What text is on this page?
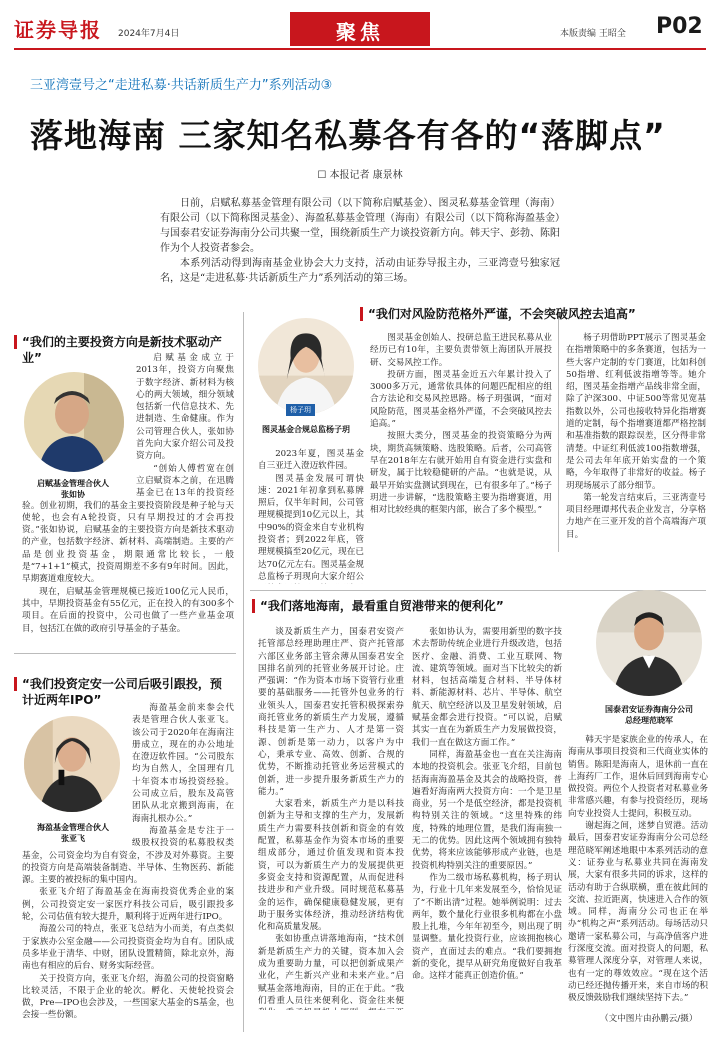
证券导报 2024年7月4日	聚焦	本版责编 王昭全 P02
三亚湾壹号之“走进私募·共话新质生产力”系列活动③
落地海南 三家知名私募各有各的“落脚点”
☐ 本报记者 康景林

日前，启赋私募基金管理有限公司（以下简称启赋基金）、图灵私募基金管理（海南）有限公司（以下简称图灵基金）、海盈私募基金管理（海南）有限公司（以下简称海盈基金）与国泰君安证券海南分公司共聚一堂，围绕新质生产力谈投资新方向。韩天宇、彭勃、陈阳作为个人投资者参会。

本系列活动得到海南基金业协会大力支持，活动由证券导报主办，三亚湾壹号独家冠名，这是“走进私募·共话新质生产力”系列活动的第三场。

“我们的主要投资方向是新技术驱动产业”
启赋基金管理合伙人
张如协

启赋基金成立于2013年，投资方向聚焦于数字经济、新材料为核心的两大领域，细分领域包括新一代信息技术、先进制造、生命健康。作为公司管理合伙人，张如协首先向大家介绍公司及投资方向。

“创始人傅哲宽在创立启赋资本之前，在迅腾基金已在13年的投资经验。创业初期，我们的基金主要投资阶段是种子轮与天使轮，也会有A轮投资，只有早期投过的才会再投资。”张如协说，启赋基金的主要投资方向是新技术驱动的产业，包括数字经济、新材料、高端制造。主要的产品是创业投资基金，期限通常比较长，一般是“7+1+1”模式，投资周期差不多有9年时间。因此，早期赛道难度较大。

现在，启赋基金管理规模已接近100亿元人民币，其中，早期投资基金有55亿元，正在投入的有300多个项目。在后面的投资中，公司也做了一些产业基金项目，包括江在做的政府引导基金的子基金。

“我们投资定安一公司后吸引跟投，预计近两年IPO”
海盈基金管理合伙人
张亚飞

海盈基金前来参会代表是管理合伙人张亚飞。该公司于2020年在海南注册成立，现在的办公地址在澄迈软件园。“公司股东均为自然人，全国理有几十年资本市场投资经验。公司成立后，股东及高管团队从北京搬到海南，在海南扎根办公。”

海盈基金是专注于一级股权投资的私募股权类基金，公司资金均为自有资金，不涉及对外募资。主要的投资方向是高端装备制造、半导体、生物医药、新能源。主要的被投标的集中国内。

张亚飞介绍了海盈基金在海南投资优秀企业的案例，公司投资定安一家医疗科技公司后，吸引跟投多轮，公司估值有较大提升，顺利将于近两年进行IPO。

海盈公司的特点，张亚飞总结为小而美，有点类似于家族办公室金融——公司投资资金均为自有。团队成员多毕业于清华、中财，团队设置精简，除北京外，海南也有相应的后台、财务实际经营。

关于投资方向，张亚飞介绍，海盈公司的投资窗略比较灵活，不限于企业的轮次。孵化、天使轮投资会做，Pre—IPO也会涉及，一些国家大基金的S基金，也会接一些份额。

“我们对风险防范格外严谨，不会突破风控去追高”
杨子玥
图灵基金合规总监杨子玥

2023年夏，图灵基金自三亚迁入澄迈软件园。

图灵基金发展可谓快速：2021年初拿到私募牌照后，仅半年时间，公司管理规模提到10亿元以上，其中90%的资金来自专业机构投资者；到2022年底，管理规模搞至20亿元，现在已达70亿元左右。图灵基金规总监杨子玥现向大家介绍公

图灵基金创始人、投研总监王进民私募从业经历已有10年，主要负责带领上海团队开展投研、交易风控工作。

投研方面，图灵基金近五六年累计投入了3000多万元，通常依具体的问题匹配相应的组合方法论和交易风控思路。杨子玥强调，“面对风险防范，图灵基金格外严谨，不会突破风控去追高。”

按照大类分，图灵基金的投资策略分为两块，期货高频策略、选股策略。后者，公司高管早在2018年左右就开始用自有资金进行实盘和研发，属于比较稳健研的产品。“也就是说，从最早开始实盘测试到现在，已有很多年了。”杨子玥进一步讲解，“选股策略主要为指增赛道，用相对比较经典的框架内部，嵌合了多个模型。”

杨子玥借助PPT展示了图灵基金在指增策略中的多条赛道，包括为一些大客户定制的专门赛道，比如科创50指增、红利低波指增等等。她介绍，图灵基金指增产品线非常全面，除了沪深300、中证500等常见宽基指数以外，公司也接收特异化指增赛道的定制，每个指增赛道都严格控制和基准指数的跟踪误差，区分得非常清楚。中证红利低波100指数增强，是公司去年年底开始实盘的一个策略，今年取得了非常好的收益。杨子玥现场展示了部分细节。

第一轮发言结束后，三亚湾壹号项目经理谭邦代表企业发言，分享格力地产在三亚开发的首个高端海产项目。

“我们落地海南，最看重自贸港带来的便利化”
国泰君安证券海南分公司
总经理范晓军

谈及新质生产力，国泰君安资产托管部总经理助理庄严、资产托管部六部区业务部主管余薄从国泰君安全国排名前列的托管业务展开讨论。庄严强调：“作为资本市场下资管行业重要的基础服务——托管外包业务的行业领头人，国泰君安托管积极探索券商托管业务的新质生产力发展，遵循科技是第一生产力、人才是第一资源、创新是第一动力，以客户为中心，秉承专业、高效、创新、合规的优势，不断推动托管业务运营模式的创新，进一步提升服务新质生产力的能力。”

大家看来，新质生产力是以科技创新为主导和支撑的生产力，发展新质生产力需要科技创新和资金的有效配置，私募基金作为资本市场的重要组成部分，通过价值发现和资本投资，可以为新质生产力的发展提供更多资金支持和资源配置，从而促进科技进步和产业升级。同时规范私募基金的运作，确保健康稳健发展，更有助于服务实体经济，推动经济结构优化和高质量发展。

张如协重点讲落地海南，“技术创新是新质生产力的关键，资本加入会成为重要助力量，可以把创新成果产业化，产生新兴产业和未来产业。”启赋基金落地海南，目的正在于此。“我们看重人员往来便利化、资金往来便

张如协认为，需要用新型的数字技术去帮助传统企业进行升级改造，包括医疗、金融、消费、工业互联网、物流、建筑等领域。面对当下比较尖的新材料，包括高端复合材料、半导体材料、新能源材料、芯片、半导体、航空航天、航空经济以及卫星发射领域，启赋基金都会进行投资。“可以说，启赋其实一直在为新质生产力发展做投资，我们一直在做这方面工作。”

同样，海盈基金也一直在关注海南本地的投资机会。张亚飞介绍，目前包括海南海盈基金及其会的战略投资，普遍看好海南两大投资方向：一个是卫星商业，另一个是低空经济，都是投资机构特别关注的领域。“这里特殊的纬度，特殊的地理位置，是我们海南独一无二的优势。因此这两个领域拥有独特优势，将来应该能够形成产业链，也是投资机构特别关注的重要原因。”

作为二级市场私募机构，杨子玥认为，行业十几年来发展至今，恰恰见证了“不断出清”过程。她举例说明：过去两年，数个量化行业很多机构都在小盘股上扎堆，今年年初至今，则出现了明显调整。量化投资行业，应该拥抱核心资产，直面过去的难点。“我们要拥抱新的变化，提早从研究角度做好自我革命。这样才能真正创造价值。”

韩天宇是家族企业的传承人，在海南从事项目投资和三代商业实体的销售。陈阳是海南人，退休前一直在上海药厂工作，退休后回到海南专心做投资。两位个人投资者对私募业务非常感兴趣，有参与投资经历，现场向专业投资人士提问，积极互动。

谢起海之间，迷梦自贸港。活动最后，国泰君安证券海南分公司总经理范晓军阐述地眼中本系列活动的意义：证券业与私募业共同在海南发展，大家有很多共同的诉求，这样的活动有助于合纵联横，重在彼此间的交流、拉近距离，快速进入合作的领域。同样，海南分公司也正在举办“机构之声”系列活动。每场活动只邀请一家私募公司，与高净值客户进行深度交流。面对投资人的问题，私募管理人深度分享，对管理人来说，也有一定的尊效效应。“现在这个活动已经还抛传播开来，来自市场的积极反馈鼓励我们继续坚持下去。”

（文中图片由孙鹏云/摄）
